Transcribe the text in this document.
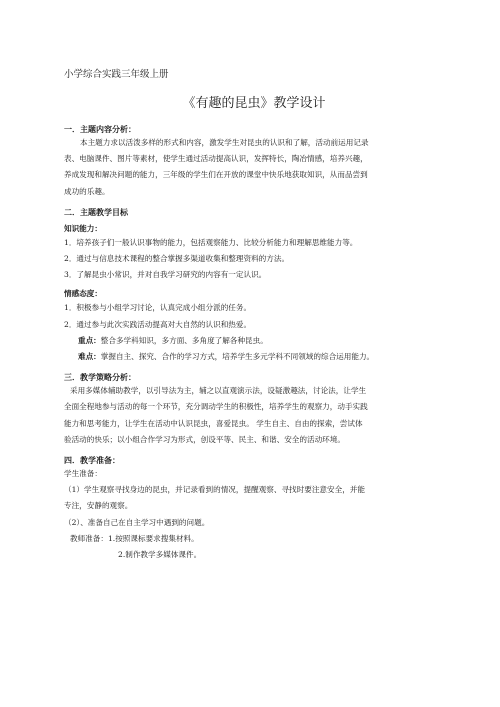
小学综合实践三年级上册
《有趣的昆虫》教学设计
一．主题内容分析：
本主题力求以活泼多样的形式和内容，激发学生对昆虫的认识和了解，活动前运用记录
表、电脑课件、图片等素材，使学生通过活动提高认识，发挥特长，陶冶情感，培养兴趣，
养成发现和解决问题的能力，三年级的学生们在开放的课堂中快乐地获取知识，从而品尝到
成功的乐趣。
二．主题教学目标
知识能力：
1．培养孩子们一般认识事物的能力，包括观察能力、比较分析能力和理解思维能力等。
2．通过与信息技术课程的整合掌握多渠道收集和整理资料的方法。
3．了解昆虫小常识，并对自我学习研究的内容有一定认识。
情感态度：
1．积极参与小组学习讨论，认真完成小组分派的任务。
2．通过参与此次实践活动提高对大自然的认识和热爱。
重点：整合多学科知识，多方面、多角度了解各种昆虫。
难点：掌握自主、探究、合作的学习方式，培养学生多元学科不同领域的综合运用能力。
三．教学策略分析：
采用多媒体辅助教学，以引导法为主，辅之以直观演示法，设疑激趣法，讨论法，让学生
全面全程地参与活动的每一个环节，充分调动学生的积极性，培养学生的观察力，动手实践
能力和思考能力，让学生在活动中认识昆虫，喜爱昆虫。 学生自主、自由的探索，尝试体
验活动的快乐；以小组合作学习为形式，创设平等、民主、和谐、安全的活动环境。
四．教学准备：
学生准备：
（1）学生观察寻找身边的昆虫，并记录看到的情况，提醒观察、寻找时要注意安全，并能
专注，安静的观察。
（2）、准备自己在自主学习中遇到的问题。
教师准备：1.按照课标要求搜集材料。
2.制作教学多媒体课件。
